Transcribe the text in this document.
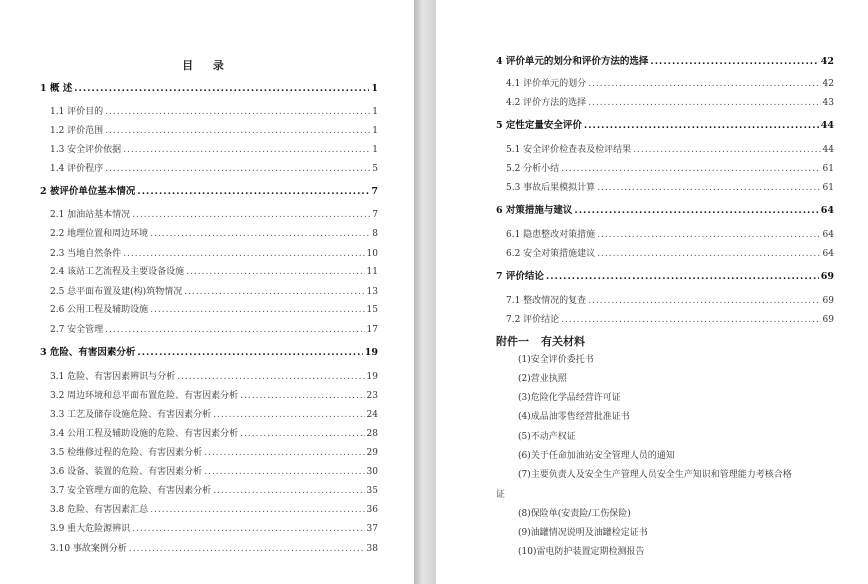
目 录
1 概 述 .....	1
1.1 评价目的 .....	1
1.2 评价范围 .....	1
1.3 安全评价依据 .....	1
1.4 评价程序 .....	5
2 被评价单位基本情况 .....	7
2.1 加油站基本情况 .....	7
2.2 地理位置和周边环境 .....	8
2.3 当地自然条件 .....	10
2.4 该站工艺流程及主要设备设施 .....	11
2.5 总平面布置及建(构)筑物情况 .....	13
2.6 公用工程及辅助设施 .....	15
2.7 安全管理 .....	17
3 危险、有害因素分析 .....	19
3.1 危险、有害因素辨识与分析 .....	19
3.2 周边环境和总平面布置危险、有害因素分析 .....	23
3.3 工艺及储存设施危险、有害因素分析 .....	24
3.4 公用工程及辅助设施的危险、有害因素分析 .....	28
3.5 检维修过程的危险、有害因素分析 .....	29
3.6 设备、装置的危险、有害因素分析 .....	30
3.7 安全管理方面的危险、有害因素分析 .....	35
3.8 危险、有害因素汇总 .....	36
3.9 重大危险源辨识 .....	37
3.10 事故案例分析 .....	38
4 评价单元的划分和评价方法的选择 .....	42
4.1 评价单元的划分 .....	42
4.2 评价方法的选择 .....	43
5 定性定量安全评价 .....	44
5.1 安全评价检查表及检评结果 .....	44
5.2 分析小结 .....	61
5.3 事故后果模拟计算 .....	61
6 对策措施与建议 .....	64
6.1 隐患整改对策措施 .....	64
6.2 安全对策措施建议 .....	64
7 评价结论 .....	69
7.1 整改情况的复查 .....	69
7.2 评价结论 .....	69
附件一 有关材料
(1)安全评价委托书
(2)营业执照
(3)危险化学品经营许可证
(4)成品油零售经营批准证书
(5)不动产权证
(6)关于任命加油站安全管理人员的通知
(7)主要负责人及安全生产管理人员安全生产知识和管理能力考核合格
证
(8)保险单(安责险/工伤保险)
(9)油罐情况说明及油罐检定证书
(10)雷电防护装置定期检测报告
